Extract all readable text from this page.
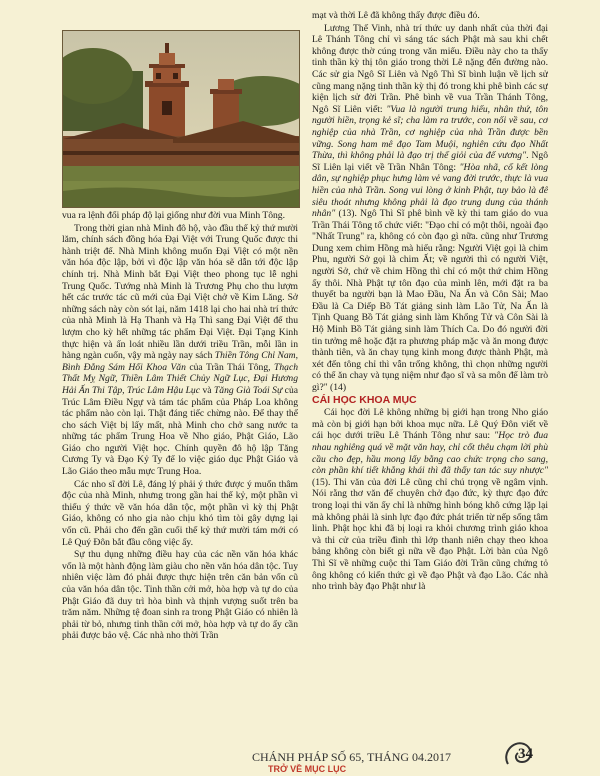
vua ra lệnh đổi pháp độ lại giống như đời vua Minh Tông.

Trong thời gian nhà Minh đô hộ, vào đầu thế kỷ thứ mười lăm, chính sách đồng hóa Đại Việt với Trung Quốc được thi hành triệt để. Nhà Minh không muốn Đại Việt có một nền văn hóa độc lập, bởi vì độc lập văn hóa sẽ dẫn tới độc lập chính trị. Nhà Minh bắt Đại Việt theo phong tục lễ nghi Trung Quốc. Tướng nhà Minh là Trương Phụ cho thu lượm hết các trước tác cũ mới của Đại Việt chở về Kim Lăng. Sở những sách này còn sót lại, năm 1418 lại cho hai nhà trí thức của nhà Minh là Hạ Thanh và Hạ Thì sang Đại Việt để thu lượm cho kỳ hết những tác phẩm Đại Việt. Đại Tạng Kinh thực hiện và ấn loát nhiều lần dưới triều Trần, mỗi lần in hàng ngàn cuốn, vậy mà ngày nay sách Thiền Tông Chỉ Nam, Bình Đẳng Sám Hối Khoa Văn của Trần Thái Tông, Thạch Thất Mỵ Ngữ, Thiền Lâm Thiết Chủy Ngữ Lục, Đại Hương Hải Ấn Thi Tập, Trúc Lâm Hậu Lục và Tăng Già Toái Sự của Trúc Lâm Điều Ngự và tám tác phẩm của Pháp Loa không tác phẩm nào còn lại. Thật đáng tiếc chừng nào. Để thay thế cho sách Việt bị lấy mất, nhà Minh cho chở sang nước ta những tác phẩm Trung Hoa về Nho giáo, Phật Giáo, Lão Giáo cho người Việt học. Chính quyền đô hộ lập Tăng Cương Ty và Đạo Kỷ Ty để lo việc giáo dục Phật Giáo và Lão Giáo theo mẫu mực Trung Hoa.

Các nho sĩ đời Lê, đáng lý phải ý thức được ý muốn thâm độc của nhà Minh, nhưng trong gần hai thế kỷ, một phần vì thiếu ý thức về văn hóa dân tộc, một phần vì kỳ thị Phật Giáo, không có nho gia nào chịu khó tìm tòi gây dựng lại vốn cũ. Phải cho đến gần cuối thế kỷ thứ mười tám mới có Lê Quý Đôn bắt đầu công việc ấy.

Sự thu dụng những điều hay của các nền văn hóa khác vốn là một hành động làm giàu cho nền văn hóa dân tộc. Tuy nhiên việc làm đó phải được thực hiện trên căn bản vốn cũ của văn hóa dân tộc. Tinh thần cởi mở, hòa hợp và tự do của Phật Giáo đã duy trì hòa bình và thịnh vượng suốt trên ba trăm năm. Những tệ đoan sinh ra trong Phật Giáo có nhiên là phải từ bỏ, nhưng tinh thần cởi mở, hòa hợp và tự do ấy cần phải được bảo vệ. Các nhà nho thời Trần

mạt và thời Lê đã không thấy được điều đó.

Lương Thế Vinh, nhà trí thức uy danh nhất của thời đại Lê Thánh Tông chỉ vì sáng tác sách Phật mà sau khi chết không được thờ cúng trong văn miếu. Điều này cho ta thấy tinh thần kỳ thị tôn giáo trong thời Lê nặng đến đường nào. Các sử gia Ngô Sĩ Liên và Ngô Thì Sĩ bình luận về lịch sử cũng mang nặng tinh thần kỳ thị đó trong khi phê bình các sự kiện lịch sử đời Trần. Phê bình về vua Trần Thánh Tông, Ngô Sĩ Liên viết: "Vua là người trung hiếu, nhân thứ, tôn người hiền, trọng kẻ sĩ; cha làm ra trước, con nối về sau, cơ nghiệp của nhà Trần, cơ nghiệp của nhà Trần được bền vững. Song ham mê đạo Tam Muội, nghiên cứu đạo Nhất Thừa, thì không phải là đạo trị thế giỏi của đế vương". Ngô Sĩ Liên lại viết về Trần Nhân Tông: "Hòa nhã, cố kết lòng dân, sự nghiệp phục hưng làm vẻ vang đời trước, thực là vua hiền của nhà Trần. Song vui lòng ở kinh Phật, tuy bảo là để siêu thoát nhưng không phải là đạo trung dung của thánh nhân" (13). Ngô Thì Sĩ phê bình về kỳ thi tam giáo do vua Trần Thái Tông tổ chức viết: "Đạo chỉ có một thôi, ngoài đạo "Nhất Trung" ra, không có còn đạo gì nữa. cũng như Trương Dung xem chim Hồng mà hiểu rằng: Người Việt gọi là chim Phu, người Sở gọi là chim Ất; về người thì có người Việt, người Sở, chứ về chim Hồng thì chỉ có một thứ chim Hồng ấy thôi. Nhà Phật tự tôn đạo của mình lên, mới đặt ra ba thuyết ba người bạn là Mao Đầu, Na Ấn và Côn Sài; Mao Đầu là Ca Diếp Bồ Tát giảng sinh làm Lão Tử, Na Ấn là Tịnh Quang Bồ Tát giảng sinh làm Khổng Tử và Côn Sài là Hộ Minh Bồ Tát giảng sinh làm Thích Ca. Do đó người đời tin tưởng mê hoặc đặt ra phương pháp mặc và ăn mong được thành tiên, và ăn chay tụng kinh mong được thành Phật, mà xét đến tông chỉ thì vẫn trống không, thì chọn những người có thể ăn chay và tụng niệm như đạo sĩ và sa môn để làm trò gì?" (14)

CÁI HỌC KHOA MỤC

Cái học đời Lê không những bị giới hạn trong Nho giáo mà còn bị giới hạn bởi khoa mục nữa. Lê Quý Đôn viết về cái học dưới triều Lê Thánh Tông như sau: "Học trò đua nhau nghiêng quá về mặt văn hay, chỉ cốt thêu chạm lời phù cầu cho đẹp, hầu mong lấy bằng cao chức trọng cho sang, còn phần khí tiết khẳng khái thì đã thấy tan tác suy nhược" (15). Thi văn của đời Lê cũng chỉ chú trọng về ngâm vịnh. Nói rằng thơ văn để chuyên chở đạo đức, kỳ thực đạo đức trong loại thi văn ấy chỉ là những hình bóng khô cứng lặp lại mà không phải là sinh lực đạo đức phát triển từ nếp sống tâm linh. Phật học khi đã bị loại ra khỏi chương trình giáo khoa và thi cử của triều đình thì lớp thanh niên chạy theo khoa bảng không còn biết gì nữa về đạo Phật. Lời bàn của Ngô Thì Sĩ về những cuộc thi Tam Giáo đời Trần cũng chứng tỏ ông không có kiến thức gì về đạo Phật và đạo Lão. Các nhà nho trình bày đạo Phật như là

CHÁNH PHÁP SỐ 65, THÁNG 04.2017	34
TRỞ VỀ MỤC LỤC
